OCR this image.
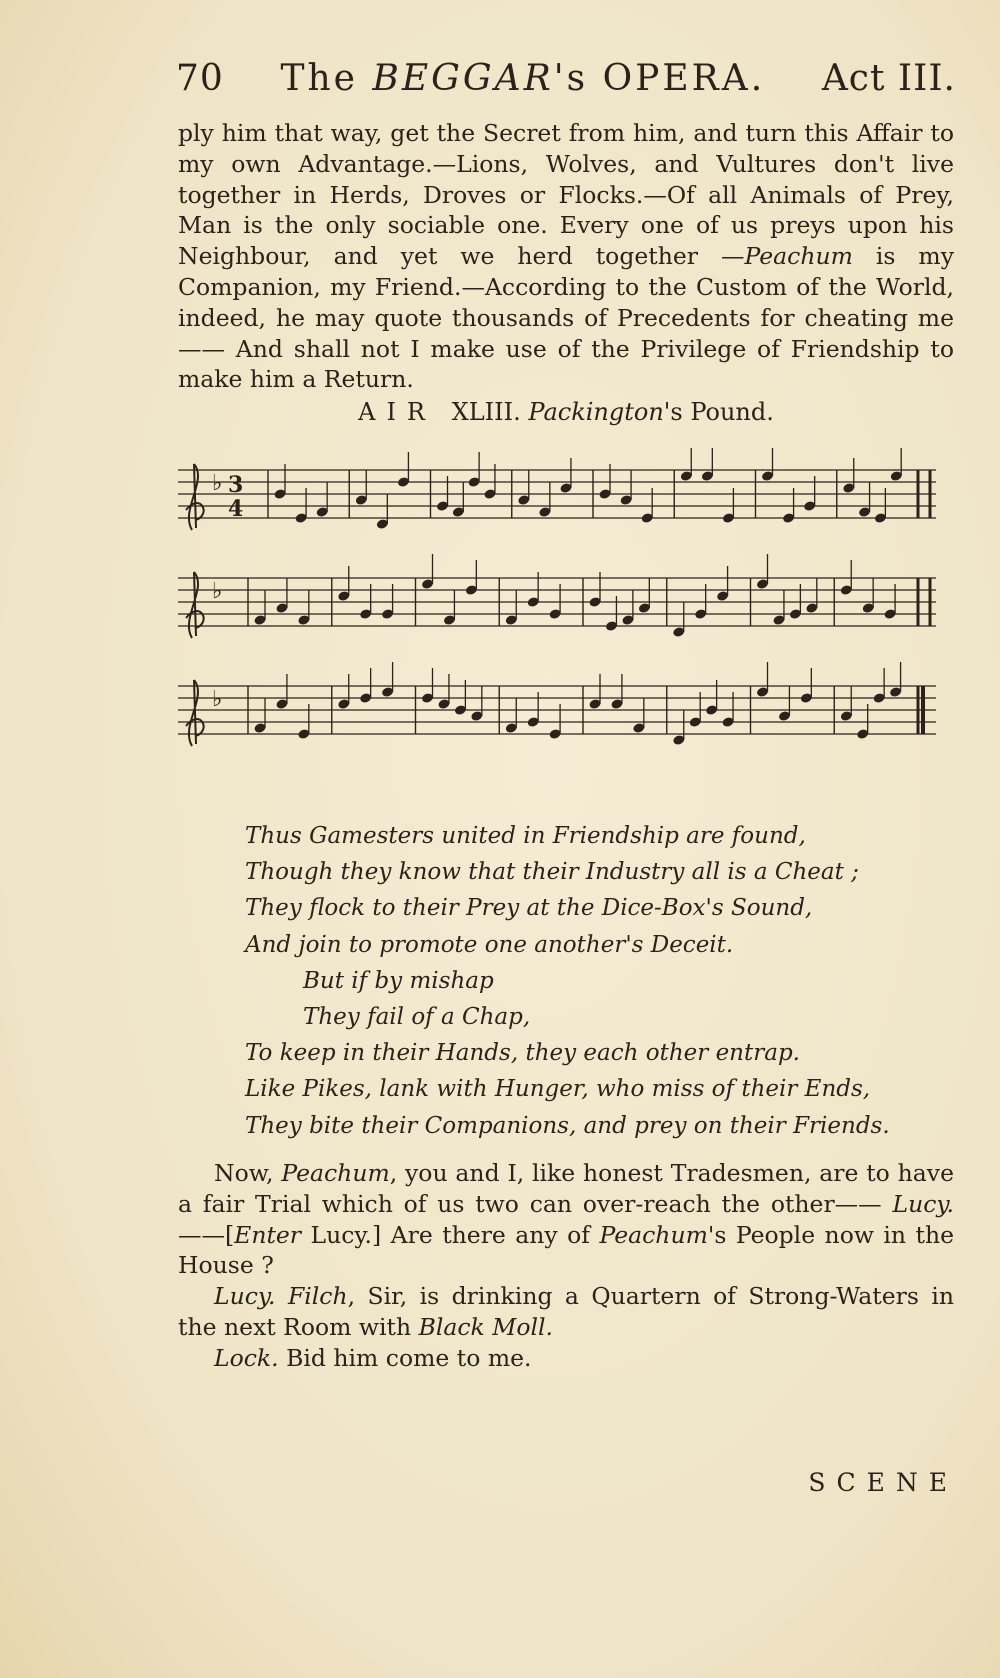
70	The BEGGAR's OPERA.	Act III.

ply him that way, get the Secret from him, and turn this Affair to my own Advantage.—Lions, Wolves, and Vultures don't live together in Herds, Droves or Flocks.—Of all Animals of Prey, Man is the only sociable one. Every one of us preys upon his Neighbour, and yet we herd together —Peachum is my Companion, my Friend.—According to the Custom of the World, indeed, he may quote thousands of Precedents for cheating me—— And shall not I make use of the Privilege of Friendship to make him a Return.

AIR XLIII. Packington's Pound.
♭ 3
4
♭
♭
Thus Gamesters united in Friendship are found,
Though they know that their Industry all is a Cheat ;
They flock to their Prey at the Dice-Box's Sound,
And join to promote one another's Deceit.
But if by mishap
They fail of a Chap,
To keep in their Hands, they each other entrap.
Like Pikes, lank with Hunger, who miss of their Ends,
They bite their Companions, and prey on their Friends.

Now, Peachum, you and I, like honest Tradesmen, are to have a fair Trial which of us two can over-reach the other—— Lucy.——[Enter Lucy.] Are there any of Peachum's People now in the House ?

Lucy. Filch, Sir, is drinking a Quartern of Strong-Waters in the next Room with Black Moll.

Lock. Bid him come to me.

SCENE
